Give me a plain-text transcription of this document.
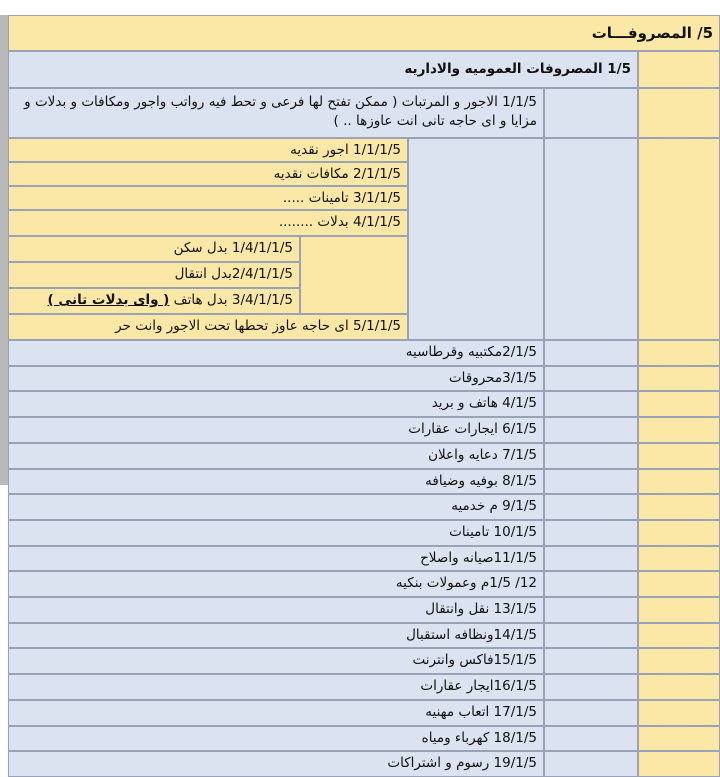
5/ المصروفـــات
1/5 المصروفات العموميه والاداريه
1/1/5 الاجور و المرتبات ( ممكن تفتح لها فرعى و تحط فيه رواتب واجور ومكافات و بدلات و مزايا و اى حاجه تانى انت عاوزها .. )
1/1/1/5 اجور نقديه
2/1/1/5 مكافات نقديه
3/1/1/5 تامينات .....
4/1/1/5 بدلات ........
1/4/1/1/5 بدل سكن
2/4/1/1/5بدل انتقال
3/4/1/1/5 بدل هاتف ( واى بدلات تانى )
5/1/1/5 اى حاجه عاوز تحطها تحت الاجور وانت حر
2/1/5مكتبيه وقرطاسيه
3/1/5محروقات
4/1/5 هاتف و بريد
6/1/5 ايجارات عقارات
7/1/5 دعايه واعلان
8/1/5 بوفيه وضيافه
9/1/5 م خدميه
10/1/5 تامينات
11/1/5صيانه واصلاح
12/ 1/5م وعمولات بنكيه
13/1/5 نقل وانتقال
14/1/5ونظافه استقبال
15/1/5فاكس وانترنت
16/1/5ايجار عقارات
17/1/5 اتعاب مهنيه
18/1/5 كهرباء ومياه
19/1/5 رسوم و اشتراكات
